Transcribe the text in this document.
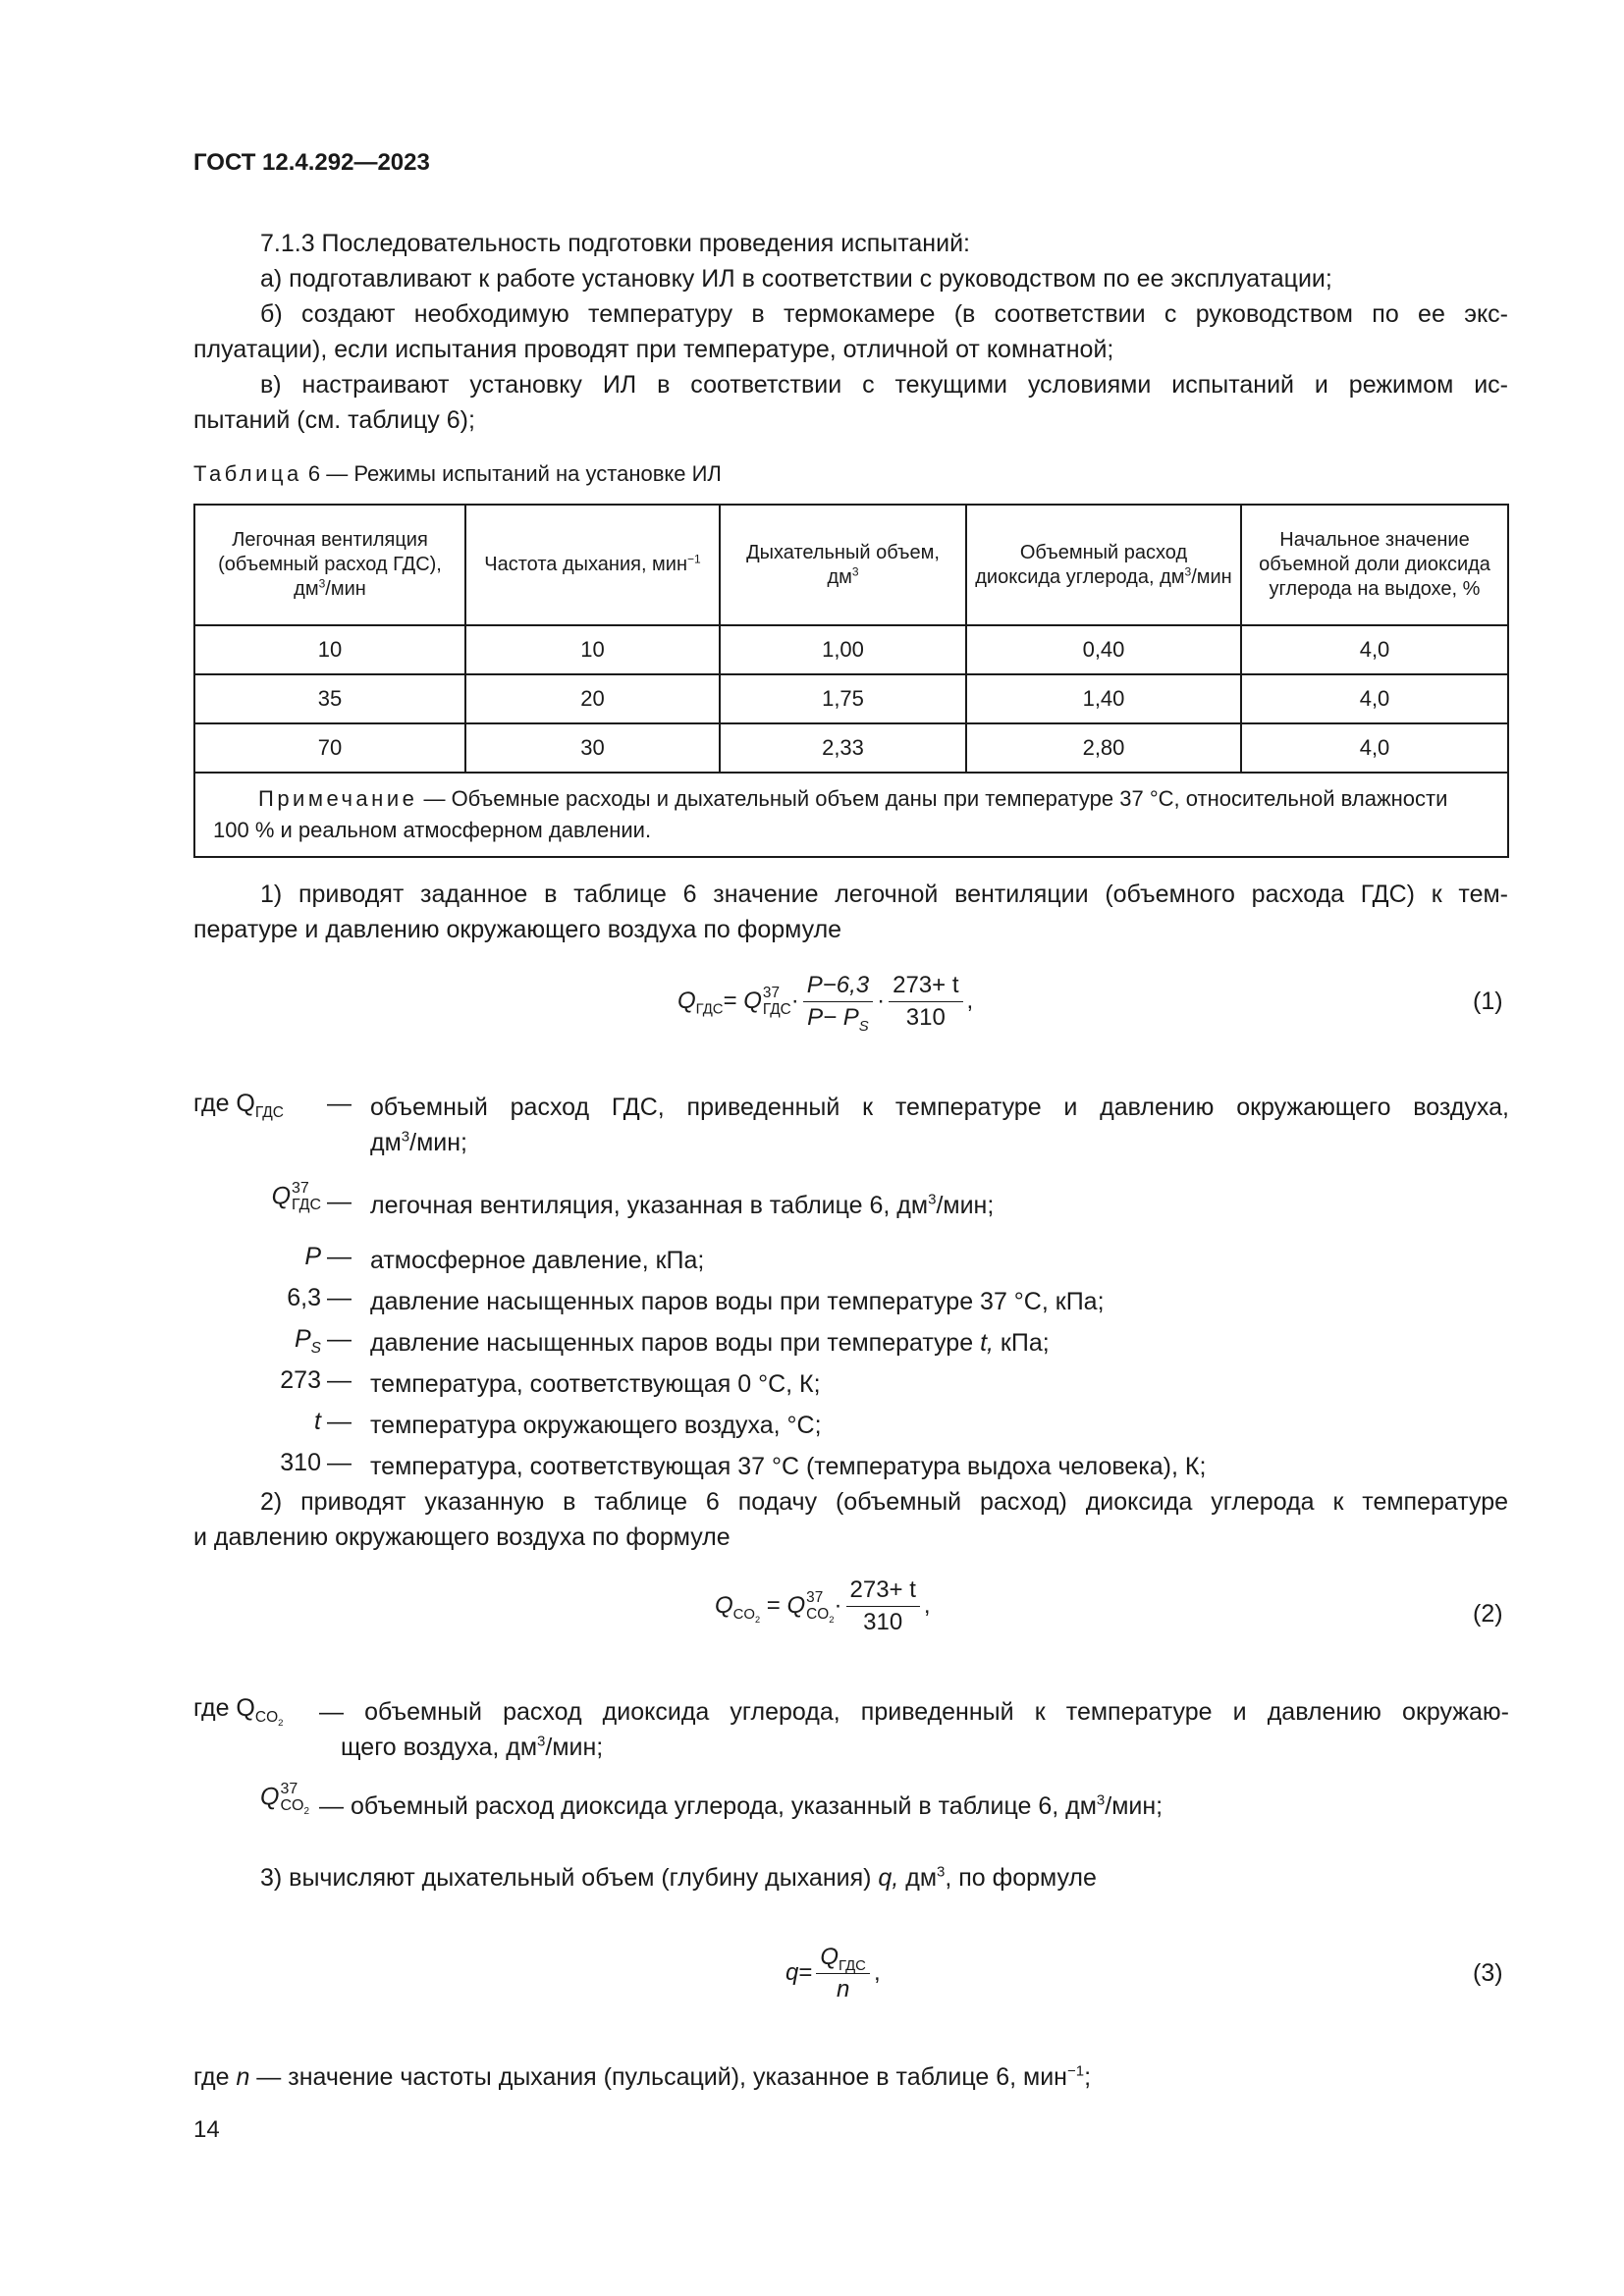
ГОСТ 12.4.292—2023
7.1.3 Последовательность подготовки проведения испытаний:
а) подготавливают к работе установку ИЛ в соответствии с руководством по ее эксплуатации;
б) создают необходимую температуру в термокамере (в соответствии с руководством по ее экс-
плуатации), если испытания проводят при температуре, отличной от комнатной;
в) настраивают установку ИЛ в соответствии с текущими условиями испытаний и режимом ис-
пытаний (см. таблицу 6);
Таблица 6 — Режимы испытаний на установке ИЛ
Легочная вентиляция (объемный расход ГДС), $дм^3$/мин	Частота дыхания, мин$^{-1}$	Дыхательный объем, $дм^3$	Объемный расход диоксида углерода, $дм^3$/мин	Начальное значение объемной доли диоксида углерода на выдохе, %
10	10	1,00	0,40	4,0
35	20	1,75	1,40	4,0
70	30	2,33	2,80	4,0
Примечание — Объемные расходы и дыхательный объем даны при температуре 37 °С, относительной влажности 100 % и реальном атмосферном давлении.				
1) приводят заданное в таблице 6 значение легочной вентиляции (объемного расхода ГДС) к тем-
пературе и давлению окружающего воздуха по формуле
$Q_{ГДС}= Q$ 37
ГДС · $\frac{P-6,3}{P- P_S} \cdot \frac{273+ t}{310}$ ,	(1)
где $Q_{ГДС}$	— объемный расход ГДС, приведенный к температуре и давлению окружающего воздуха,
$дм^3$/мин;
Q 37
ГДС — легочная вентиляция, указанная в таблице 6, $дм^3$/мин;
P — атмосферное давление, кПа;
6,3 — давление насыщенных паров воды при температуре 37 °С, кПа;
$P_S$ — давление насыщенных паров воды при температуре t, кПа;
273 — температура, соответствующая 0 °С, К;
t — температура окружающего воздуха, °С;
310 — температура, соответствующая 37 °С (температура выдоха человека), К;
2) приводят указанную в таблице 6 подачу (объемный расход) диоксида углерода к температуре
и давлению окружающего воздуха по формуле
$Q_{CO_2} = Q$ 37
$CO_2$
· $\frac{273+ t}{310}$ ,	(2)
где $Q_{CO_2}$	— объемный расход диоксида углерода, приведенный к температуре и давлению окружаю-
щего воздуха, $дм^3$/мин;
Q 37
$CO_2$ — объемный расход диоксида углерода, указанный в таблице 6, $дм^3$/мин;
3) вычисляют дыхательный объем (глубину дыхания) q, $дм^3$, по формуле
$q= \frac{Q_{ГДС}}{n}$ ,	(3)
где n — значение частоты дыхания (пульсаций), указанное в таблице 6, мин$^{-1}$;
14
